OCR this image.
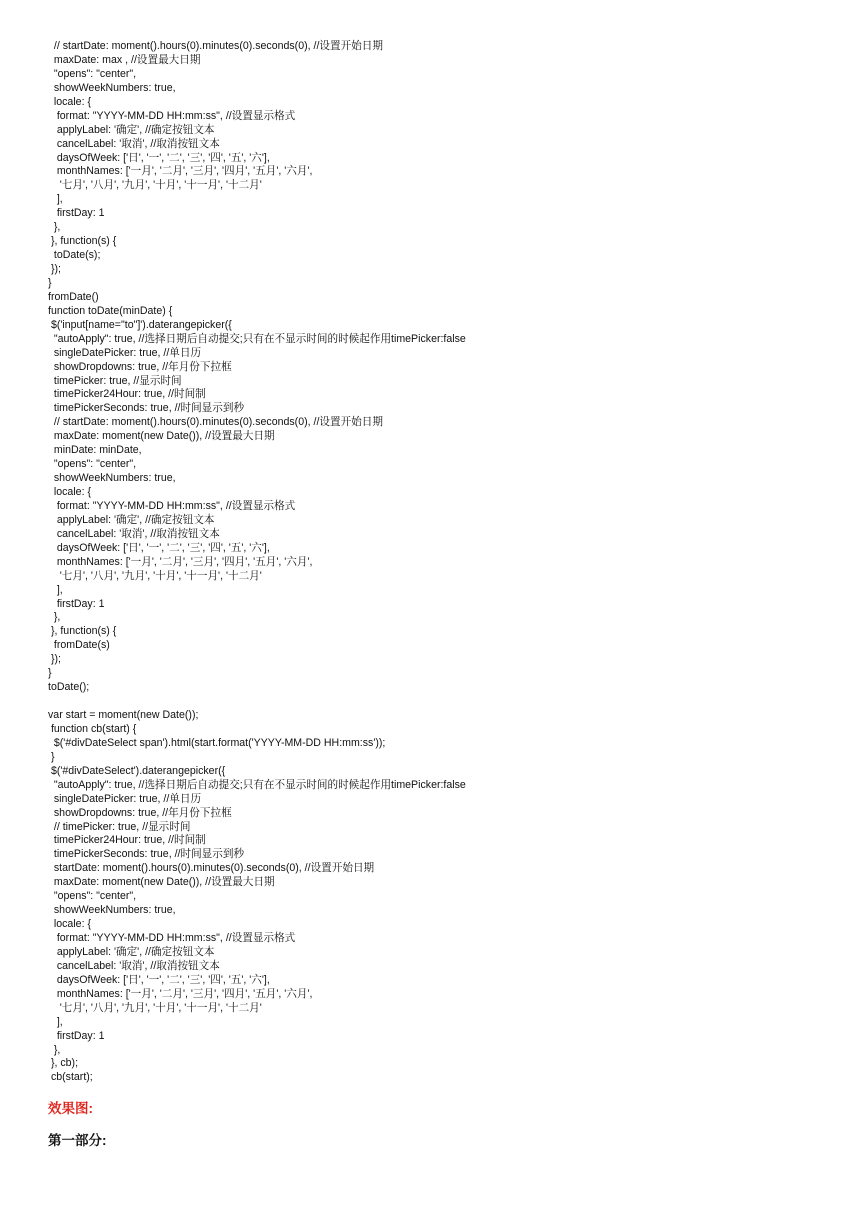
// startDate: moment().hours(0).minutes(0).seconds(0), //设置开始日期
maxDate: max , //设置最大日期
"opens": "center",
showWeekNumbers: true,
locale: {
format: "YYYY-MM-DD HH:mm:ss", //设置显示格式
applyLabel: '确定', //确定按钮文本
cancelLabel: '取消', //取消按钮文本
daysOfWeek: ['日', '一', '二', '三', '四', '五', '六'],
monthNames: ['一月', '二月', '三月', '四月', '五月', '六月',
'七月', '八月', '九月', '十月', '十一月', '十二月'
],
firstDay: 1
},
}, function(s) {
toDate(s);
});
}
fromDate()
function toDate(minDate) {
$('input[name="to"]').daterangepicker({
"autoApply": true, //选择日期后自动提交;只有在不显示时间的时候起作用timePicker:false
singleDatePicker: true, //单日历
showDropdowns: true, //年月份下拉框
timePicker: true, //显示时间
timePicker24Hour: true, //时间制
timePickerSeconds: true, //时间显示到秒
// startDate: moment().hours(0).minutes(0).seconds(0), //设置开始日期
maxDate: moment(new Date()), //设置最大日期
minDate: minDate,
"opens": "center",
showWeekNumbers: true,
locale: {
format: "YYYY-MM-DD HH:mm:ss", //设置显示格式
applyLabel: '确定', //确定按钮文本
cancelLabel: '取消', //取消按钮文本
daysOfWeek: ['日', '一', '二', '三', '四', '五', '六'],
monthNames: ['一月', '二月', '三月', '四月', '五月', '六月',
'七月', '八月', '九月', '十月', '十一月', '十二月'
],
firstDay: 1
},
}, function(s) {
fromDate(s)
});
}
toDate();
var start = moment(new Date());
function cb(start) {
$('#divDateSelect span').html(start.format('YYYY-MM-DD HH:mm:ss'));
}
$('#divDateSelect').daterangepicker({
"autoApply": true, //选择日期后自动提交;只有在不显示时间的时候起作用timePicker:false
singleDatePicker: true, //单日历
showDropdowns: true, //年月份下拉框
// timePicker: true, //显示时间
timePicker24Hour: true, //时间制
timePickerSeconds: true, //时间显示到秒
startDate: moment().hours(0).minutes(0).seconds(0), //设置开始日期
maxDate: moment(new Date()), //设置最大日期
"opens": "center",
showWeekNumbers: true,
locale: {
format: "YYYY-MM-DD HH:mm:ss", //设置显示格式
applyLabel: '确定', //确定按钮文本
cancelLabel: '取消', //取消按钮文本
daysOfWeek: ['日', '一', '二', '三', '四', '五', '六'],
monthNames: ['一月', '二月', '三月', '四月', '五月', '六月',
'七月', '八月', '九月', '十月', '十一月', '十二月'
],
firstDay: 1
},
}, cb);
cb(start);
效果图:
第一部分:
